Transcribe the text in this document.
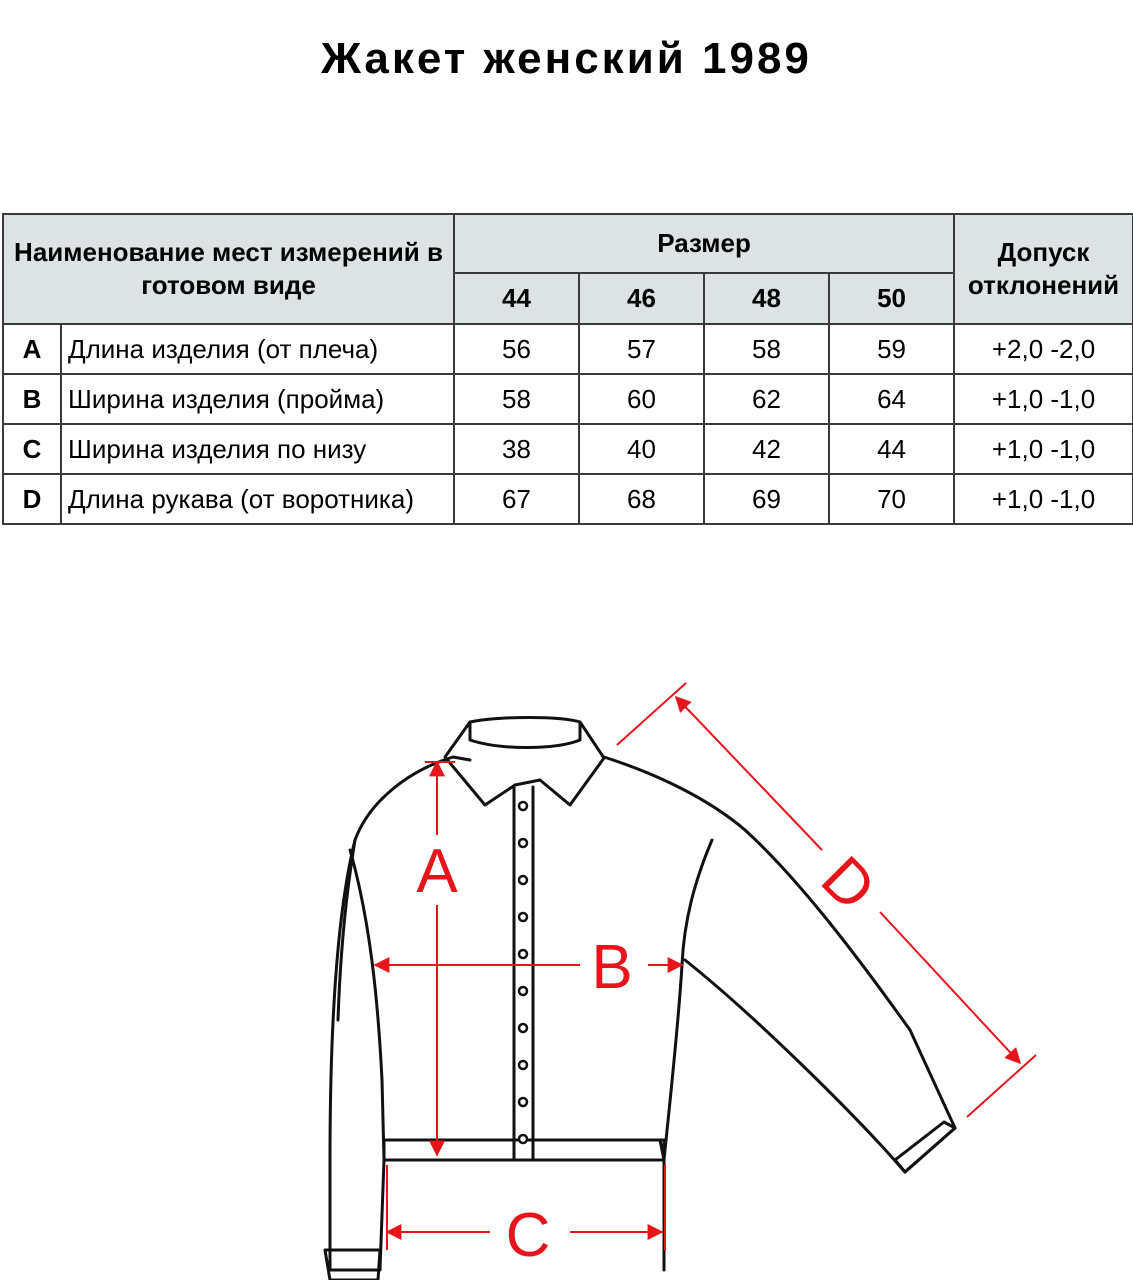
Жакет женский 1989
Наименование мест измерений в готовом виде		Размер				Допуск отклонений
		44	46	48	50	
A	Длина изделия (от плеча)	56	57	58	59	+2,0 -2,0
B	Ширина изделия (пройма)	58	60	62	64	+1,0 -1,0
C	Ширина изделия по низу	38	40	42	44	+1,0 -1,0
D	Длина рукава (от воротника)	67	68	69	70	+1,0 -1,0
A
B
C
D
